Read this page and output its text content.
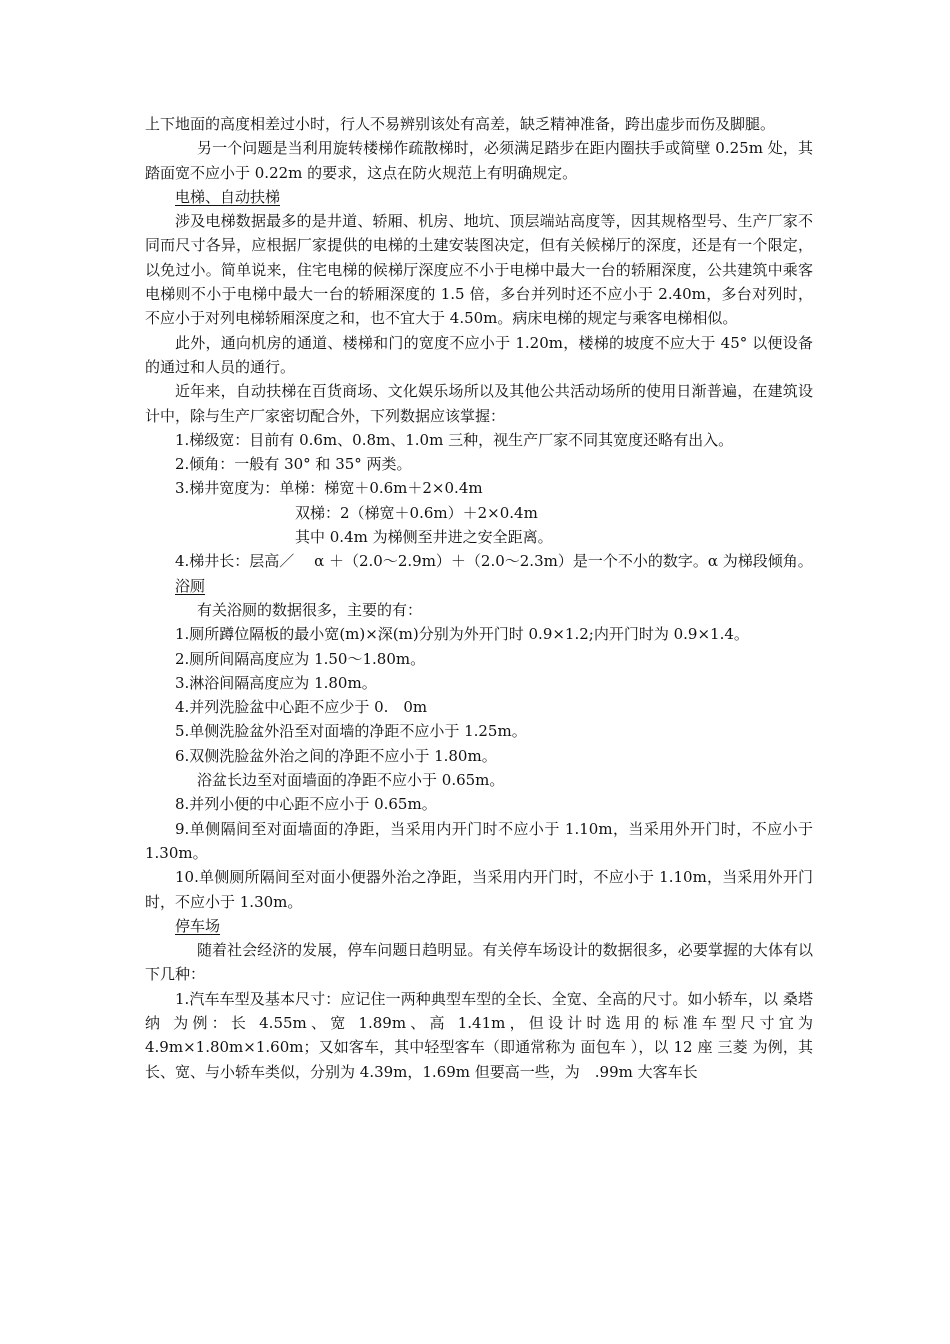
上下地面的高度相差过小时，行人不易辨别该处有高差，缺乏精神准备，跨出虚步而伤及脚腿。

另一个问题是当利用旋转楼梯作疏散梯时，必须满足踏步在距内圈扶手或简壁 0.25m 处，其踏面宽不应小于 0.22m 的要求，这点在防火规范上有明确规定。

电梯、自动扶梯

涉及电梯数据最多的是井道、轿厢、机房、地坑、顶层端站高度等，因其规格型号、生产厂家不同而尺寸各异，应根据厂家提供的电梯的土建安装图决定，但有关候梯厅的深度，还是有一个限定，以免过小。简单说来，住宅电梯的候梯厅深度应不小于电梯中最大一台的轿厢深度，公共建筑中乘客电梯则不小于电梯中最大一台的轿厢深度的 1.5 倍，多台并列时还不应小于 2.40m，多台对列时，不应小于对列电梯轿厢深度之和，也不宜大于 4.50m。病床电梯的规定与乘客电梯相似。

此外，通向机房的通道、楼梯和门的宽度不应小于 1.20m，楼梯的坡度不应大于 45° 以便设备的通过和人员的通行。

近年来，自动扶梯在百货商场、文化娱乐场所以及其他公共活动场所的使用日渐普遍，在建筑设计中，除与生产厂家密切配合外，下列数据应该掌握：

1.梯级宽：目前有 0.6m、0.8m、1.0m 三种，视生产厂家不同其宽度还略有出入。

2.倾角：一般有 30° 和 35° 两类。

3.梯井宽度为：单梯：梯宽＋0.6m＋2×0.4m

双梯：2（梯宽＋0.6m）＋2×0.4m

其中 0.4m 为梯侧至井进之安全距离。

4.梯井长：层高／　 α ＋（2.0～2.9m）＋（2.0～2.3m）是一个不小的数字。α 为梯段倾角。

浴厕

有关浴厕的数据很多，主要的有：

1.厕所蹲位隔板的最小宽(m)×深(m)分别为外开门时 0.9×1.2;内开门时为 0.9×1.4。

2.厕所间隔高度应为 1.50～1.80m。

3.淋浴间隔高度应为 1.80m。

4.并列洗脸盆中心距不应少于 0.　0m

5.单侧洗脸盆外沿至对面墙的净距不应小于 1.25m。

6.双侧洗脸盆外治之间的净距不应小于 1.80m。

浴盆长边至对面墙面的净距不应小于 0.65m。

8.并列小便的中心距不应小于 0.65m。

9.单侧隔间至对面墙面的净距，当采用内开门时不应小于 1.10m，当采用外开门时，不应小于 1.30m。

10.单侧厕所隔间至对面小便器外治之净距，当采用内开门时，不应小于 1.10m，当采用外开门时，不应小于 1.30m。

停车场

随着社会经济的发展，停车问题日趋明显。有关停车场设计的数据很多，必要掌握的大体有以下几种：

1.汽车车型及基本尺寸：应记住一两种典型车型的全长、全宽、全高的尺寸。如小轿车，以 桑塔纳 为例：长 4.55m、宽 1.89m、高 1.41m，但设计时选用的标准车型尺寸宜为 4.9m×1.80m×1.60m；又如客车，其中轻型客车（即通常称为 面包车 ），以 12 座 三菱 为例，其长、宽、与小轿车类似，分别为 4.39m，1.69m 但要高一些，为　.99m 大客车长
